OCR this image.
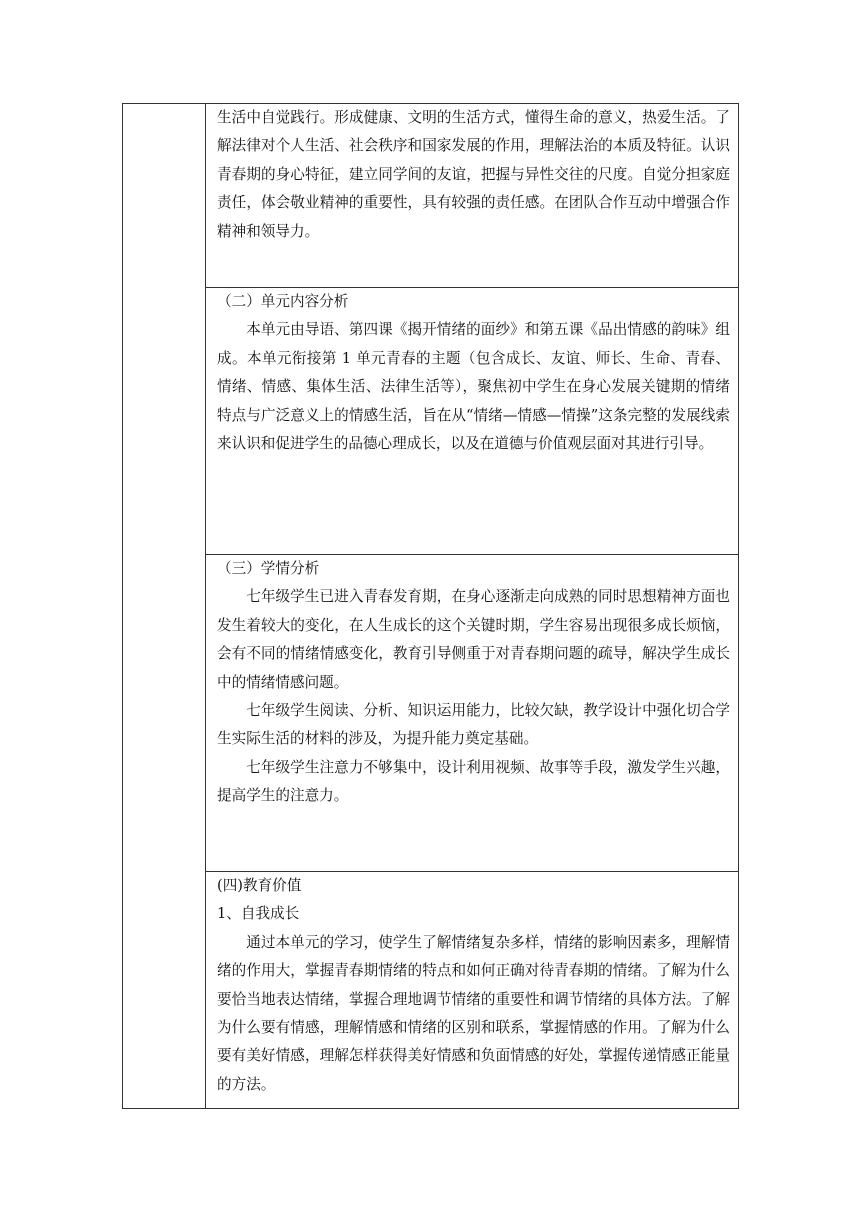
生活中自觉践行。形成健康、文明的生活方式，懂得生命的意义，热爱生活。了解法律对个人生活、社会秩序和国家发展的作用，理解法治的本质及特征。认识青春期的身心特征，建立同学间的友谊，把握与异性交往的尺度。自觉分担家庭责任，体会敬业精神的重要性，具有较强的责任感。在团队合作互动中增强合作精神和领导力。

（二）单元内容分析

本单元由导语、第四课《揭开情绪的面纱》和第五课《品出情感的韵味》组成。本单元衔接第 1 单元青春的主题（包含成长、友谊、师长、生命、青春、情绪、情感、集体生活、法律生活等），聚焦初中学生在身心发展关键期的情绪特点与广泛意义上的情感生活，旨在从“情绪—情感—情操”这条完整的发展线索来认识和促进学生的品德心理成长，以及在道德与价值观层面对其进行引导。

（三）学情分析

七年级学生已进入青春发育期，在身心逐渐走向成熟的同时思想精神方面也发生着较大的变化，在人生成长的这个关键时期，学生容易出现很多成长烦恼，会有不同的情绪情感变化，教育引导侧重于对青春期问题的疏导，解决学生成长中的情绪情感问题。

七年级学生阅读、分析、知识运用能力，比较欠缺，教学设计中强化切合学生实际生活的材料的涉及，为提升能力奠定基础。

七年级学生注意力不够集中，设计利用视频、故事等手段，激发学生兴趣，提高学生的注意力。

(四)教育价值

1、自我成长

通过本单元的学习，使学生了解情绪复杂多样，情绪的影响因素多，理解情绪的作用大，掌握青春期情绪的特点和如何正确对待青春期的情绪。了解为什么要恰当地表达情绪，掌握合理地调节情绪的重要性和调节情绪的具体方法。了解为什么要有情感，理解情感和情绪的区别和联系，掌握情感的作用。了解为什么要有美好情感，理解怎样获得美好情感和负面情感的好处，掌握传递情感正能量的方法。
